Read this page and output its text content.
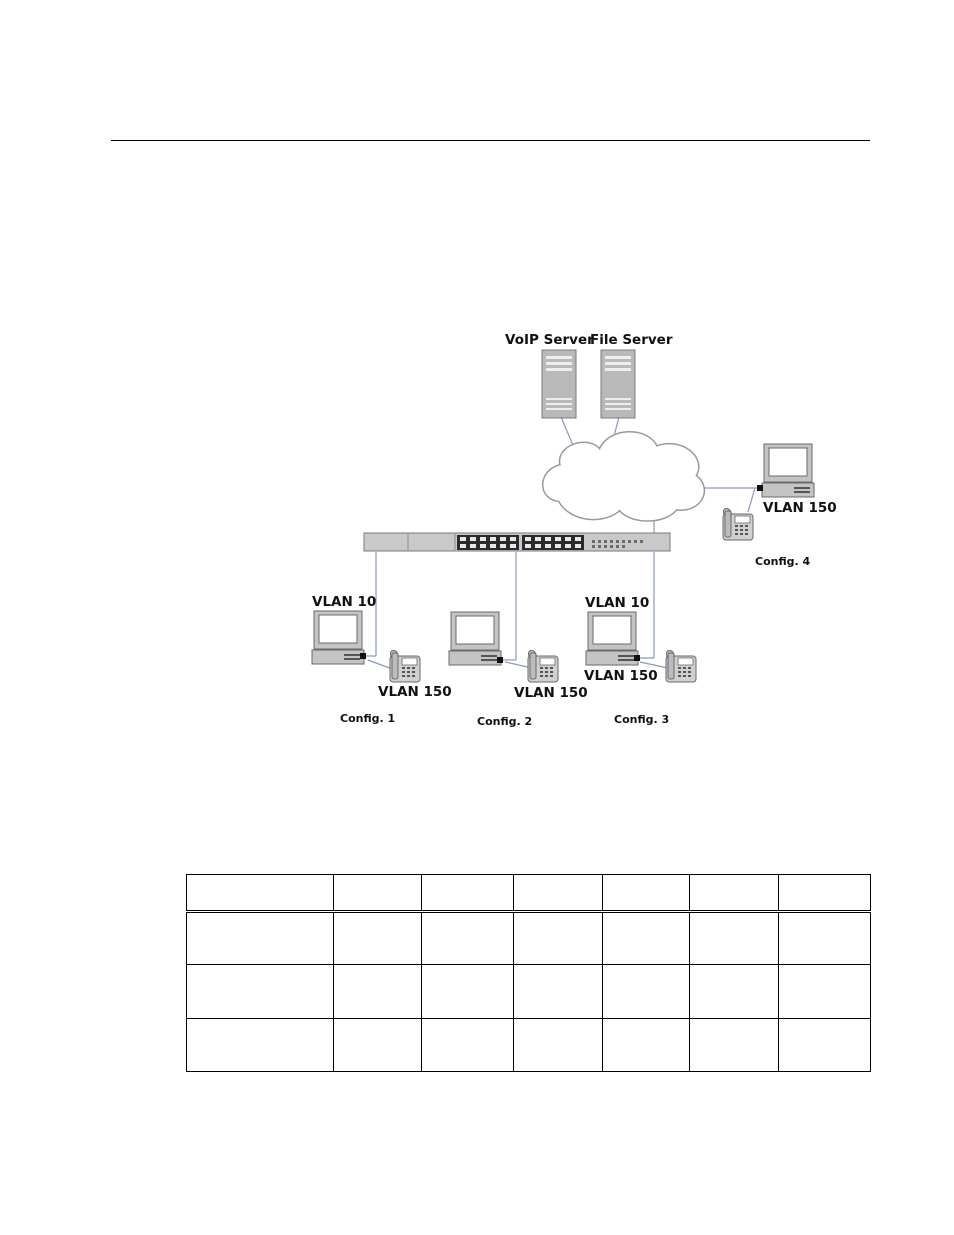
VoIP Server
File Server
VLAN 150
Config. 4
VLAN 10
VLAN 150
Config. 1
VLAN 150
Config. 2
VLAN 10
VLAN 150
Config. 3
